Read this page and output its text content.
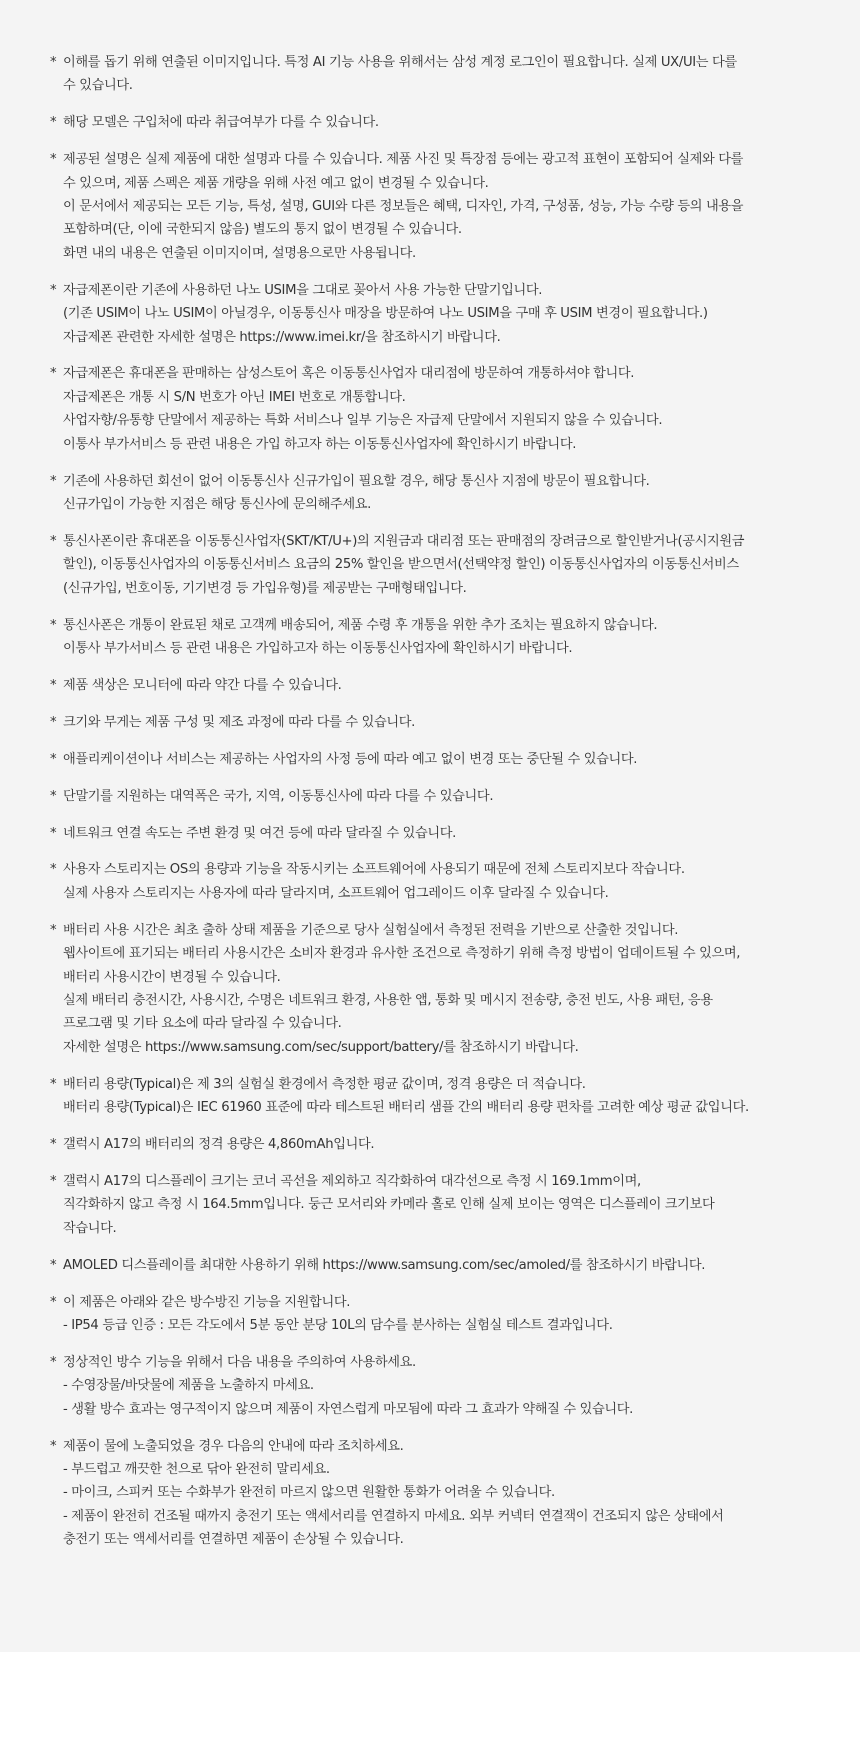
* 이해를 돕기 위해 연출된 이미지입니다. 특정 AI 기능 사용을 위해서는 삼성 계정 로그인이 필요합니다. 실제 UX/UI는 다를
수 있습니다.
* 해당 모델은 구입처에 따라 취급여부가 다를 수 있습니다.
* 제공된 설명은 실제 제품에 대한 설명과 다를 수 있습니다. 제품 사진 및 특장점 등에는 광고적 표현이 포함되어 실제와 다를
수 있으며, 제품 스펙은 제품 개량을 위해 사전 예고 없이 변경될 수 있습니다.
이 문서에서 제공되는 모든 기능, 특성, 설명, GUI와 다른 정보들은 혜택, 디자인, 가격, 구성품, 성능, 가능 수량 등의 내용을
포함하며(단, 이에 국한되지 않음) 별도의 통지 없이 변경될 수 있습니다.
화면 내의 내용은 연출된 이미지이며, 설명용으로만 사용됩니다.
* 자급제폰이란 기존에 사용하던 나노 USIM을 그대로 꽂아서 사용 가능한 단말기입니다.
(기존 USIM이 나노 USIM이 아닐경우, 이동통신사 매장을 방문하여 나노 USIM을 구매 후 USIM 변경이 필요합니다.)
자급제폰 관련한 자세한 설명은 https://www.imei.kr/을 참조하시기 바랍니다.
* 자급제폰은 휴대폰을 판매하는 삼성스토어 혹은 이동통신사업자 대리점에 방문하여 개통하셔야 합니다.
자급제폰은 개통 시 S/N 번호가 아닌 IMEI 번호로 개통합니다.
사업자향/유통향 단말에서 제공하는 특화 서비스나 일부 기능은 자급제 단말에서 지원되지 않을 수 있습니다.
이통사 부가서비스 등 관련 내용은 가입 하고자 하는 이동통신사업자에 확인하시기 바랍니다.
* 기존에 사용하던 회선이 없어 이동통신사 신규가입이 필요할 경우, 해당 통신사 지점에 방문이 필요합니다.
신규가입이 가능한 지점은 해당 통신사에 문의해주세요.
* 통신사폰이란 휴대폰을 이동통신사업자(SKT/KT/U+)의 지원금과 대리점 또는 판매점의 장려금으로 할인받거나(공시지원금
할인), 이동통신사업자의 이동통신서비스 요금의 25% 할인을 받으면서(선택약정 할인) 이동통신사업자의 이동통신서비스
(신규가입, 번호이동, 기기변경 등 가입유형)를 제공받는 구매형태입니다.
* 통신사폰은 개통이 완료된 채로 고객께 배송되어, 제품 수령 후 개통을 위한 추가 조치는 필요하지 않습니다.
이통사 부가서비스 등 관련 내용은 가입하고자 하는 이동통신사업자에 확인하시기 바랍니다.
* 제품 색상은 모니터에 따라 약간 다를 수 있습니다.
* 크기와 무게는 제품 구성 및 제조 과정에 따라 다를 수 있습니다.
* 애플리케이션이나 서비스는 제공하는 사업자의 사정 등에 따라 예고 없이 변경 또는 중단될 수 있습니다.
* 단말기를 지원하는 대역폭은 국가, 지역, 이동통신사에 따라 다를 수 있습니다.
* 네트워크 연결 속도는 주변 환경 및 여건 등에 따라 달라질 수 있습니다.
* 사용자 스토리지는 OS의 용량과 기능을 작동시키는 소프트웨어에 사용되기 때문에 전체 스토리지보다 작습니다.
실제 사용자 스토리지는 사용자에 따라 달라지며, 소프트웨어 업그레이드 이후 달라질 수 있습니다.
* 배터리 사용 시간은 최초 출하 상태 제품을 기준으로 당사 실험실에서 측정된 전력을 기반으로 산출한 것입니다.
웹사이트에 표기되는 배터리 사용시간은 소비자 환경과 유사한 조건으로 측정하기 위해 측정 방법이 업데이트될 수 있으며,
배터리 사용시간이 변경될 수 있습니다.
실제 배터리 충전시간, 사용시간, 수명은 네트워크 환경, 사용한 앱, 통화 및 메시지 전송량, 충전 빈도, 사용 패턴, 응용
프로그램 및 기타 요소에 따라 달라질 수 있습니다.
자세한 설명은 https://www.samsung.com/sec/support/battery/를 참조하시기 바랍니다.
* 배터리 용량(Typical)은 제 3의 실험실 환경에서 측정한 평균 값이며, 정격 용량은 더 적습니다.
배터리 용량(Typical)은 IEC 61960 표준에 따라 테스트된 배터리 샘플 간의 배터리 용량 편차를 고려한 예상 평균 값입니다.
* 갤럭시 A17의 배터리의 정격 용량은 4,860mAh입니다.
* 갤럭시 A17의 디스플레이 크기는 코너 곡선을 제외하고 직각화하여 대각선으로 측정 시 169.1mm이며,
직각화하지 않고 측정 시 164.5mm입니다. 둥근 모서리와 카메라 홀로 인해 실제 보이는 영역은 디스플레이 크기보다
작습니다.
* AMOLED 디스플레이를 최대한 사용하기 위해 https://www.samsung.com/sec/amoled/를 참조하시기 바랍니다.
* 이 제품은 아래와 같은 방수방진 기능을 지원합니다.
- IP54 등급 인증 : 모든 각도에서 5분 동안 분당 10L의 담수를 분사하는 실험실 테스트 결과입니다.
* 정상적인 방수 기능을 위해서 다음 내용을 주의하여 사용하세요.
- 수영장물/바닷물에 제품을 노출하지 마세요.
- 생활 방수 효과는 영구적이지 않으며 제품이 자연스럽게 마모됨에 따라 그 효과가 약해질 수 있습니다.
* 제품이 물에 노출되었을 경우 다음의 안내에 따라 조치하세요.
- 부드럽고 깨끗한 천으로 닦아 완전히 말리세요.
- 마이크, 스피커 또는 수화부가 완전히 마르지 않으면 원활한 통화가 어려울 수 있습니다.
- 제품이 완전히 건조될 때까지 충전기 또는 액세서리를 연결하지 마세요. 외부 커넥터 연결잭이 건조되지 않은 상태에서
충전기 또는 액세서리를 연결하면 제품이 손상될 수 있습니다.
